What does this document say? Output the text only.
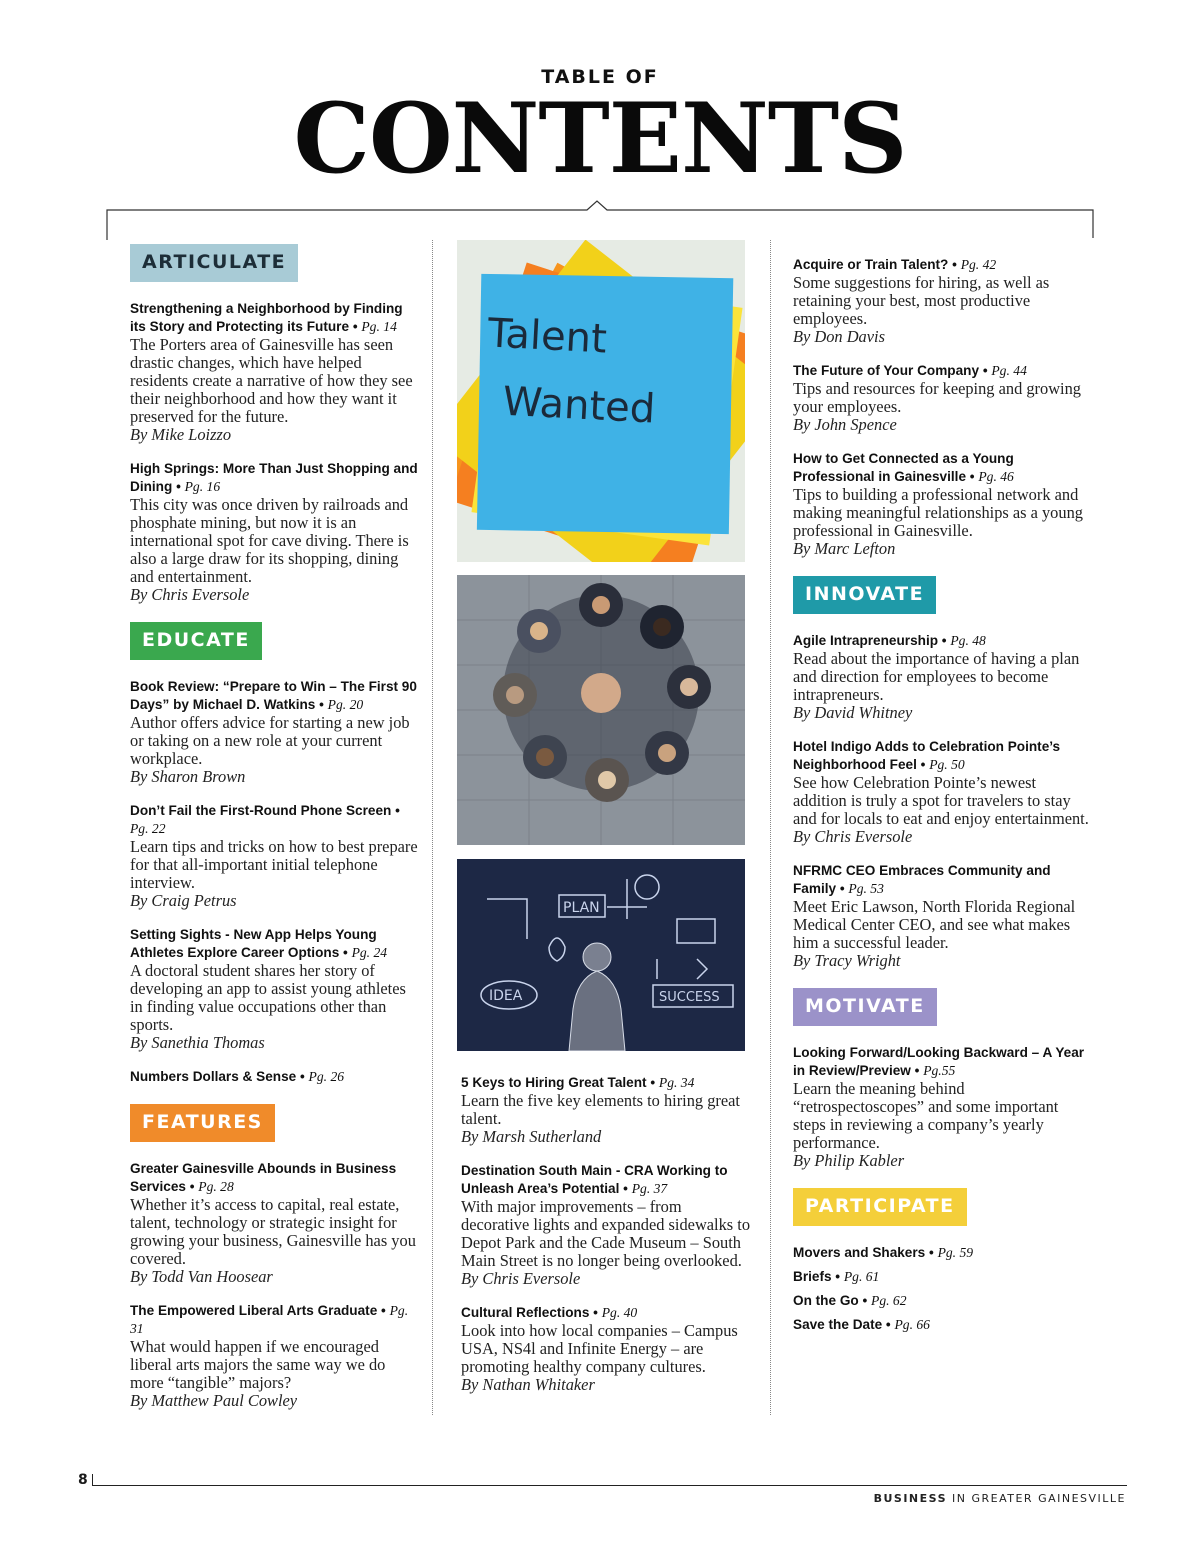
TABLE OF
CONTENTS
ARTICULATE
Strengthening a Neighborhood by Finding its Story and Protecting its Future • Pg. 14
The Porters area of Gainesville has seen drastic changes, which have helped residents create a narrative of how they see their neighborhood and how they want it preserved for the future.
By Mike Loizzo
High Springs: More Than Just Shopping and Dining • Pg. 16
This city was once driven by railroads and phosphate mining, but now it is an international spot for cave diving. There is also a large draw for its shopping, dining and entertainment.
By Chris Eversole
EDUCATE
Book Review: “Prepare to Win – The First 90 Days” by Michael D. Watkins • Pg. 20
Author offers advice for starting a new job or taking on a new role at your current workplace.
By Sharon Brown
Don’t Fail the First-Round Phone Screen • Pg. 22
Learn tips and tricks on how to best prepare for that all-important initial telephone interview.
By Craig Petrus
Setting Sights - New App Helps Young Athletes Explore Career Options • Pg. 24
A doctoral student shares her story of developing an app to assist young athletes in finding value occupations other than sports.
By Sanethia Thomas
Numbers Dollars & Sense • Pg. 26
FEATURES
Greater Gainesville Abounds in Business Services • Pg. 28
Whether it’s access to capital, real estate, talent, technology or strategic insight for growing your business, Gainesville has you covered.
By Todd Van Hoosear
The Empowered Liberal Arts Graduate • Pg. 31
What would happen if we encouraged liberal arts majors the same way we do more “tangible” majors?
By Matthew Paul Cowley
Talent
Wanted
PLAN
IDEA	SUCCESS
5 Keys to Hiring Great Talent • Pg. 34
Learn the five key elements to hiring great talent.
By Marsh Sutherland
Destination South Main - CRA Working to Unleash Area’s Potential • Pg. 37
With major improvements – from decorative lights and expanded sidewalks to Depot Park and the Cade Museum – South Main Street is no longer being overlooked.
By Chris Eversole
Cultural Reflections • Pg. 40
Look into how local companies – Campus USA, NS4l and Infinite Energy – are promoting healthy company cultures.
By Nathan Whitaker
Acquire or Train Talent? • Pg. 42
Some suggestions for hiring, as well as retaining your best, most productive employees.
By Don Davis
The Future of Your Company • Pg. 44
Tips and resources for keeping and growing your employees.
By John Spence
How to Get Connected as a Young Professional in Gainesville • Pg. 46
Tips to building a professional network and making meaningful relationships as a young professional in Gainesville.
By Marc Lefton
INNOVATE
Agile Intrapreneurship • Pg. 48
Read about the importance of having a plan and direction for employees to become intrapreneurs.
By David Whitney
Hotel Indigo Adds to Celebration Pointe’s Neighborhood Feel • Pg. 50
See how Celebration Pointe’s newest addition is truly a spot for travelers to stay and for locals to eat and enjoy entertainment.
By Chris Eversole
NFRMC CEO Embraces Community and Family • Pg. 53
Meet Eric Lawson, North Florida Regional Medical Center CEO, and see what makes him a successful leader.
By Tracy Wright
MOTIVATE
Looking Forward/Looking Backward – A Year in Review/Preview • Pg.55
Learn the meaning behind “retrospectoscopes” and some important steps in reviewing a company’s yearly performance.
By Philip Kabler
PARTICIPATE
Movers and Shakers • Pg. 59
Briefs • Pg. 61
On the Go • Pg. 62
Save the Date • Pg. 66
8
BUSINESS IN GREATER GAINESVILLE
